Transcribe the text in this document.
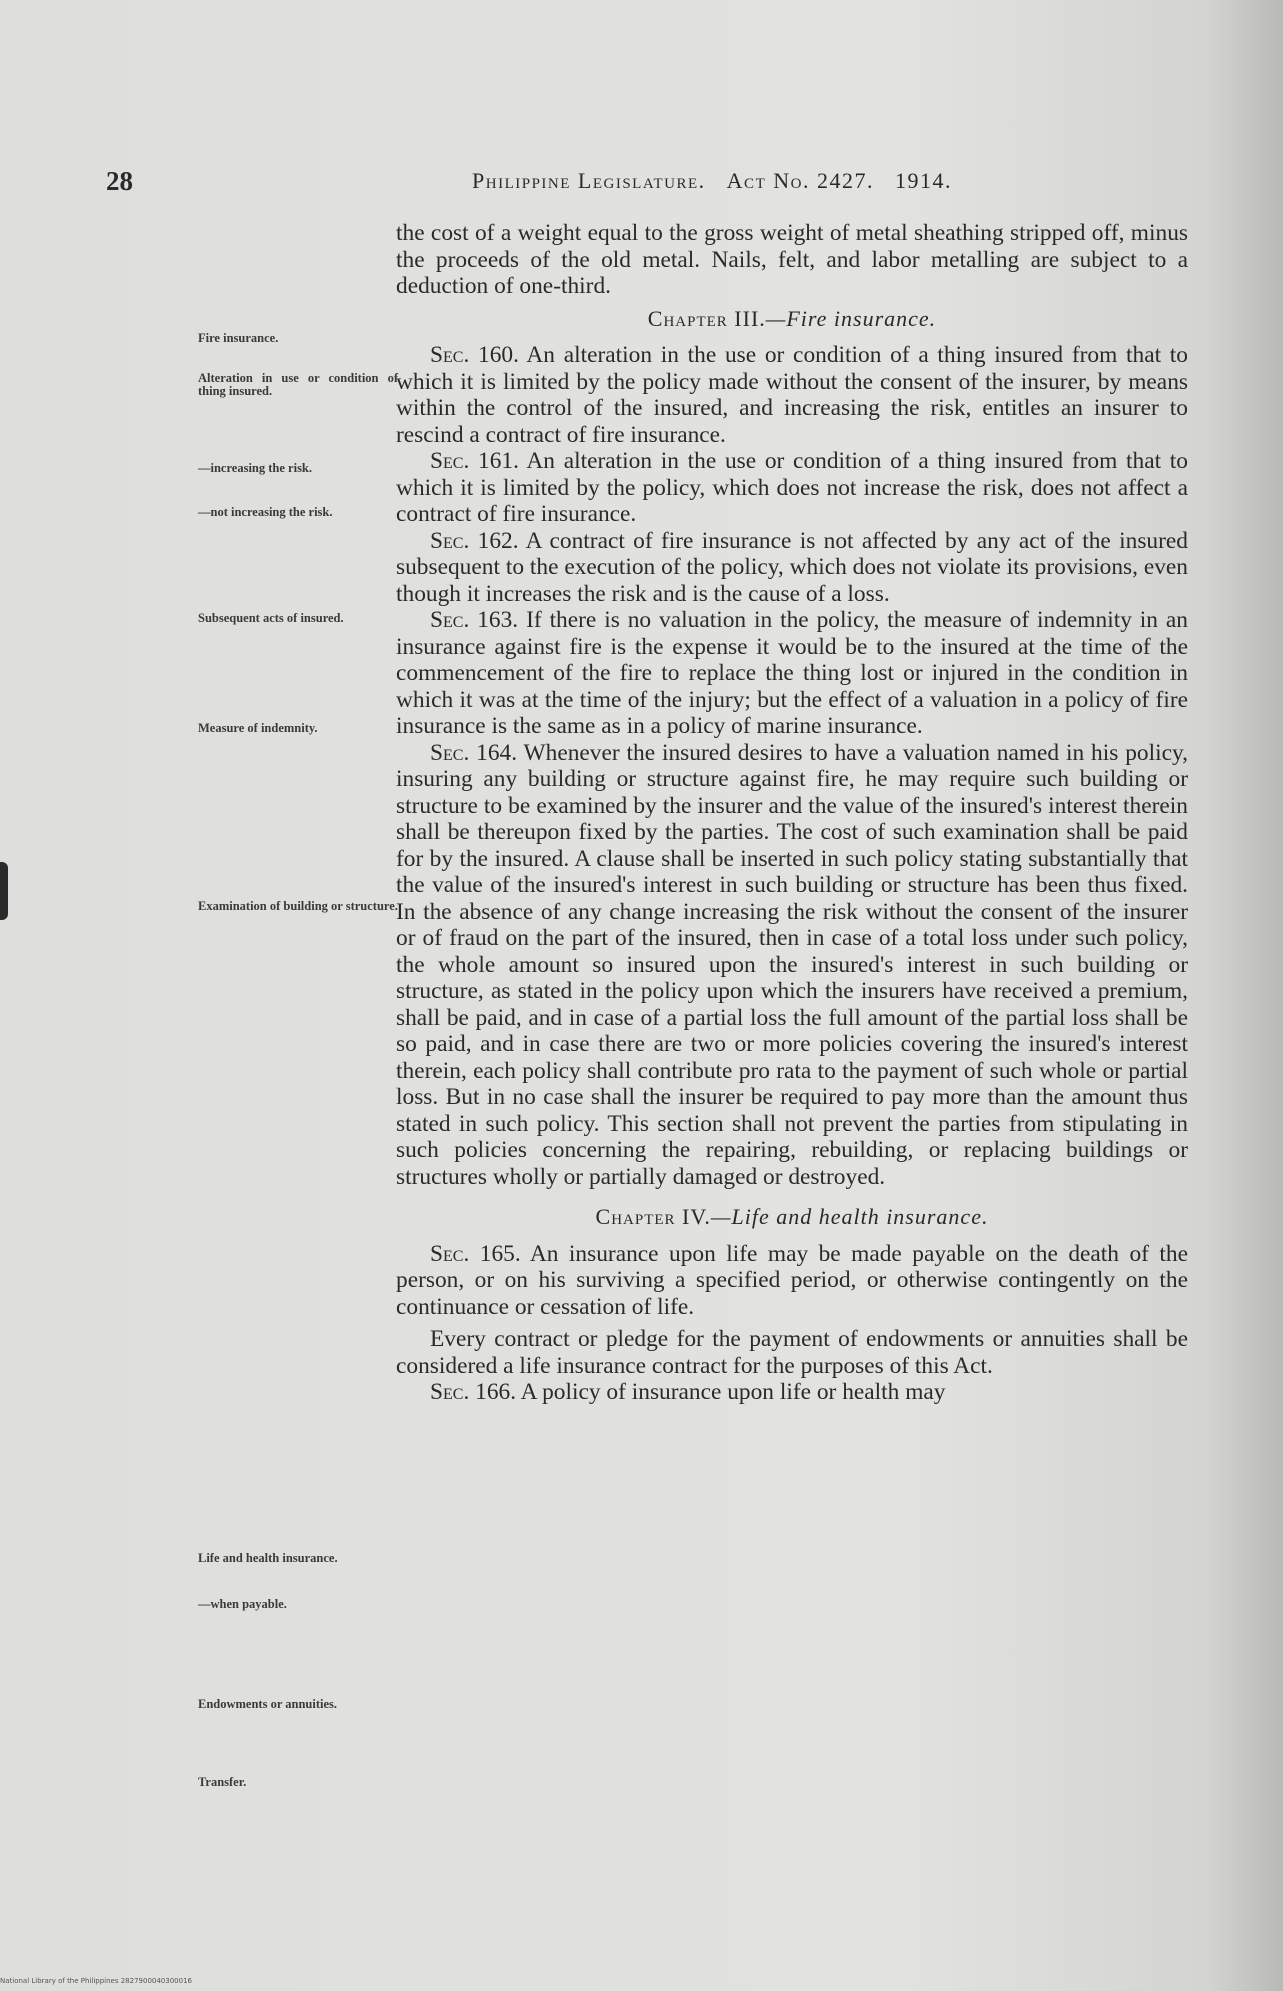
28	Philippine Legislature. Act No. 2427. 1914.
Fire insurance.
Alteration in use or condition of thing insured.
—increasing the risk.
—not increasing the risk.
Subsequent acts of insured.
Measure of indemnity.
Examination of building or structure.
Life and health insurance.
—when payable.
Endowments or annuities.
Transfer.

the cost of a weight equal to the gross weight of metal sheathing stripped off, minus the proceeds of the old metal. Nails, felt, and labor metalling are subject to a deduction of one-third.

Chapter III.—Fire insurance.

Sec. 160. An alteration in the use or condition of a thing insured from that to which it is limited by the policy made without the consent of the insurer, by means within the control of the insured, and increasing the risk, entitles an insurer to rescind a contract of fire insurance.

Sec. 161. An alteration in the use or condition of a thing insured from that to which it is limited by the policy, which does not increase the risk, does not affect a contract of fire insurance.

Sec. 162. A contract of fire insurance is not affected by any act of the insured subsequent to the execution of the policy, which does not violate its provisions, even though it increases the risk and is the cause of a loss.

Sec. 163. If there is no valuation in the policy, the measure of indemnity in an insurance against fire is the expense it would be to the insured at the time of the commencement of the fire to replace the thing lost or injured in the condition in which it was at the time of the injury; but the effect of a valuation in a policy of fire insurance is the same as in a policy of marine insurance.

Sec. 164. Whenever the insured desires to have a valuation named in his policy, insuring any building or structure against fire, he may require such building or structure to be examined by the insurer and the value of the insured's interest therein shall be thereupon fixed by the parties. The cost of such examination shall be paid for by the insured. A clause shall be inserted in such policy stating substantially that the value of the insured's interest in such building or structure has been thus fixed. In the absence of any change increasing the risk without the consent of the insurer or of fraud on the part of the insured, then in case of a total loss under such policy, the whole amount so insured upon the insured's interest in such building or structure, as stated in the policy upon which the insurers have received a premium, shall be paid, and in case of a partial loss the full amount of the partial loss shall be so paid, and in case there are two or more policies covering the insured's interest therein, each policy shall contribute pro rata to the payment of such whole or partial loss. But in no case shall the insurer be required to pay more than the amount thus stated in such policy. This section shall not prevent the parties from stipulating in such policies concerning the repairing, rebuilding, or replacing buildings or structures wholly or partially damaged or destroyed.

Chapter IV.—Life and health insurance.

Sec. 165. An insurance upon life may be made payable on the death of the person, or on his surviving a specified period, or otherwise contingently on the continuance or cessation of life.

Every contract or pledge for the payment of endowments or annuities shall be considered a life insurance contract for the purposes of this Act.

Sec. 166. A policy of insurance upon life or health may

National Library of the Philippines 2827900040300016
